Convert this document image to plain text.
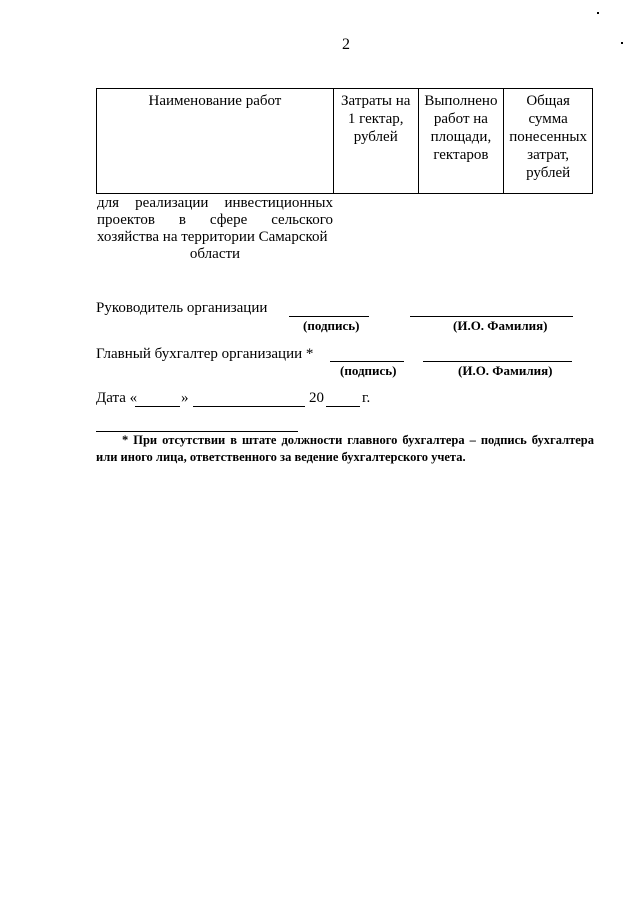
2
Наименование работ	Затраты на 1 гектар, рублей	Выполнено работ на площади, гектаров	Общая сумма понесенных затрат, рублей
для реализации инвестиционных
проектов в сфере сельского
хозяйства на территории Самарской
области
Руководитель организации
(подпись)	(И.О. Фамилия)
Главный бухгалтер организации *
(подпись)	(И.О. Фамилия)
Дата «	»	20	г.
* При отсутствии в штате должности главного бухгалтера – подпись бухгалтера или иного лица, ответственного за ведение бухгалтерского учета.
